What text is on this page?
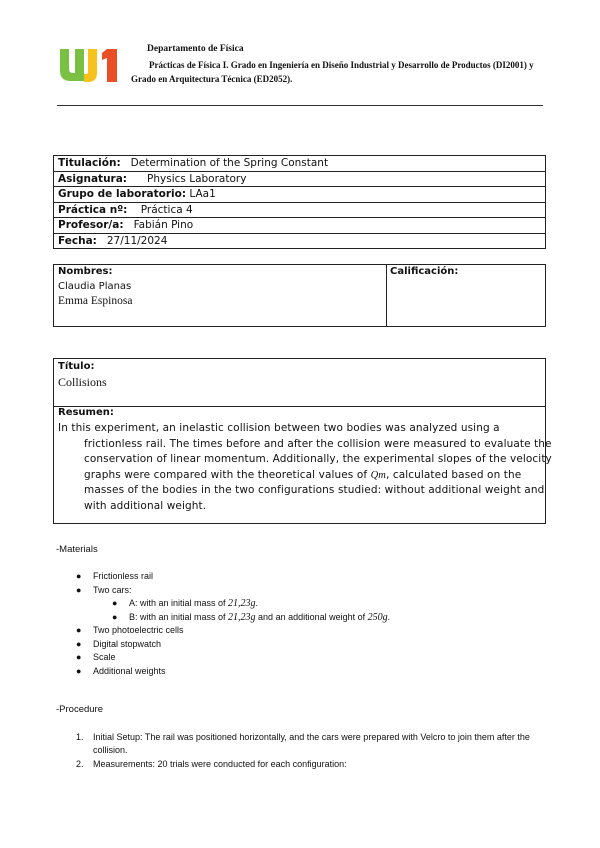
Departamento de Física
Prácticas de Física I. Grado en Ingeniería en Diseño Industrial y Desarrollo de Productos (DI2001) y Grado en Arquitectura Técnica (ED2052).
Titulación: Determination of the Spring Constant
Asignatura: Physics Laboratory
Grupo de laboratorio: LAa1
Práctica nº: Práctica 4
Profesor/a: Fabián Pino
Fecha: 27/11/2024
Nombres:
Claudia Planas
Emma Espinosa
Calificación:
Título:
Collisions
Resumen:
In this experiment, an inelastic collision between two bodies was analyzed using a frictionless rail. The times before and after the collision were measured to evaluate the conservation of linear momentum. Additionally, the experimental slopes of the velocity graphs were compared with the theoretical values of Qm, calculated based on the masses of the bodies in the two configurations studied: without additional weight and with additional weight.
-Materials
● Frictionless rail
● Two cars:
● A: with an initial mass of 21,23g.
● B: with an initial mass of 21,23g and an additional weight of 250g.
● Two photoelectric cells
● Digital stopwatch
● Scale
● Additional weights
-Procedure
1. Initial Setup: The rail was positioned horizontally, and the cars were prepared with Velcro to join them after the collision.
2. Measurements: 20 trials were conducted for each configuration:
